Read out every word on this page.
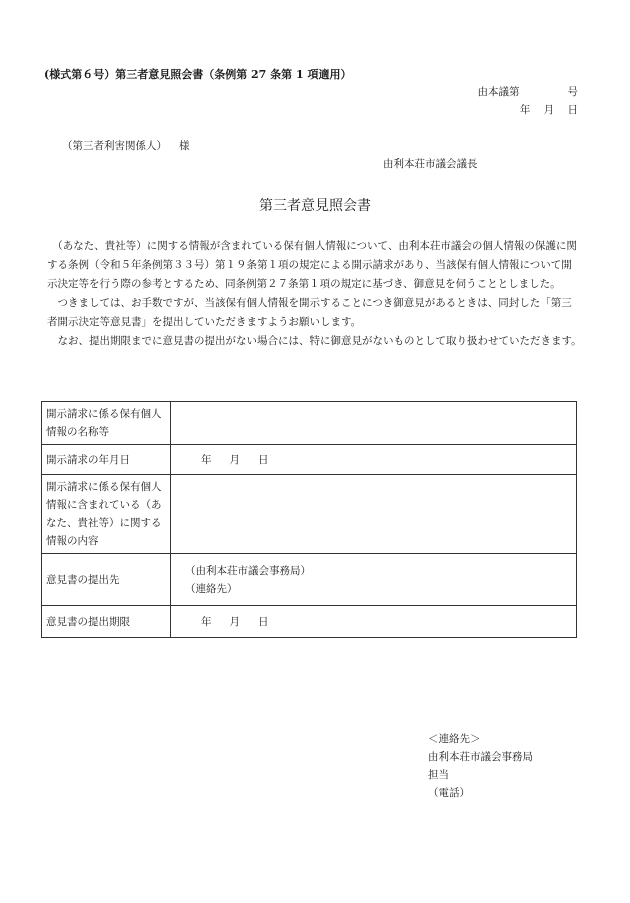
(様式第６号）第三者意見照会書（条例第 27 条第 1 項適用）
由本議第	号
年 月 日
（第三者利害関係人） 様
由利本荘市議会議長
第三者意見照会書

　（あなた、貴社等）に関する情報が含まれている保有個人情報について、由利本荘市議会の個人情報の保護に関する条例（令和５年条例第３３号）第１９条第１項の規定による開示請求があり、当該保有個人情報について開示決定等を行う際の参考とするため、同条例第２７条第１項の規定に基づき、御意見を伺うこととしました。

　つきましては、お手数ですが、当該保有個人情報を開示することにつき御意見があるときは、同封した「第三者開示決定等意見書」を提出していただきますようお願いします。

　なお、提出期限までに意見書の提出がない場合には、特に御意見がないものとして取り扱わせていただきます。

開示請求に係る保有個人情報の名称等	
開示請求の年月日	年 月 日
開示請求に係る保有個人情報に含まれている（あなた、貴社等）に関する情報の内容	
意見書の提出先	（由利本荘市議会事務局）
（連絡先）

意見書の提出期限	年 月 日
＜連絡先＞
由利本荘市議会事務局
担当
（電話）
